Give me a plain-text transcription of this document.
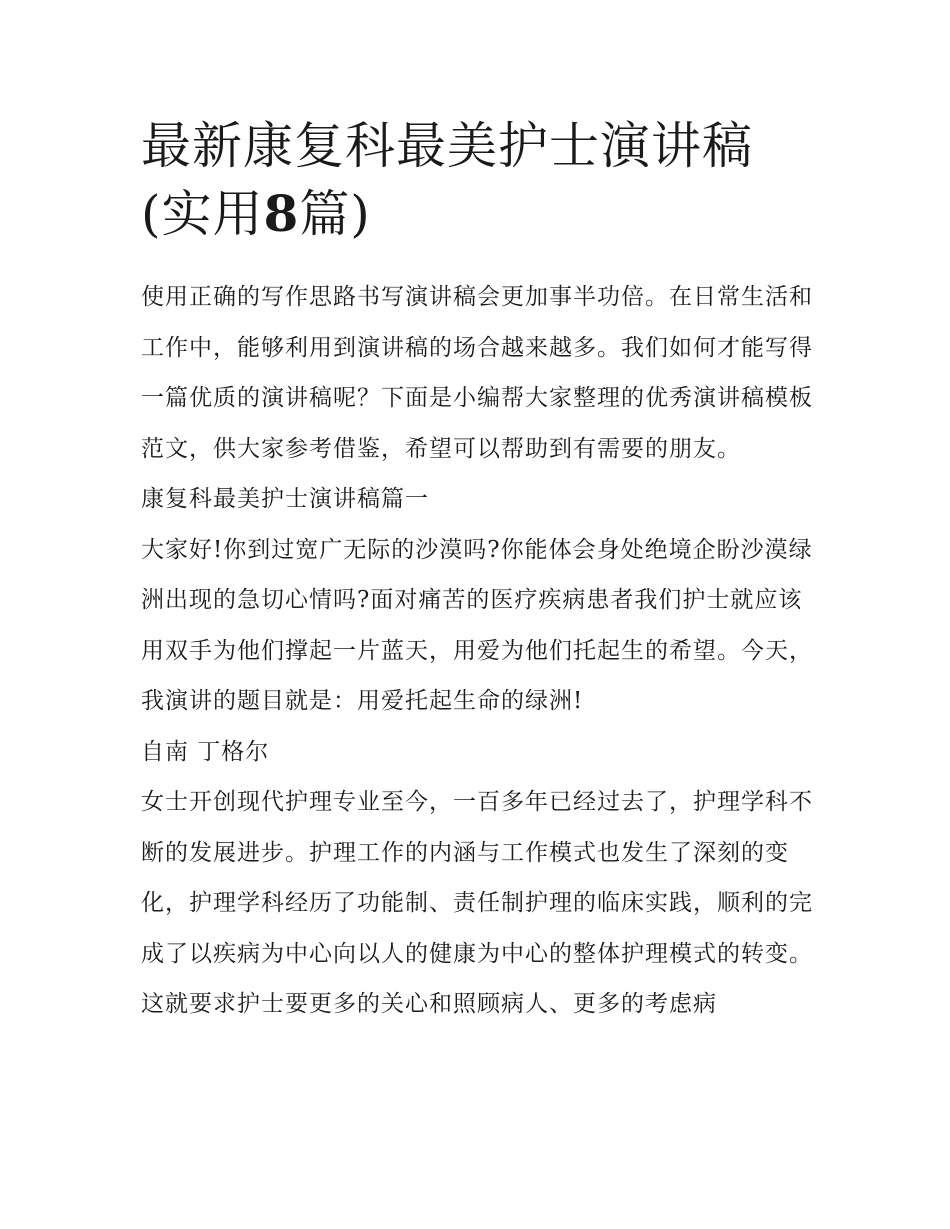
最新康复科最美护士演讲稿(实用8篇)

使用正确的写作思路书写演讲稿会更加事半功倍。在日常生活和工作中，能够利用到演讲稿的场合越来越多。我们如何才能写得一篇优质的演讲稿呢？下面是小编帮大家整理的优秀演讲稿模板范文，供大家参考借鉴，希望可以帮助到有需要的朋友。

康复科最美护士演讲稿篇一

大家好!你到过宽广无际的沙漠吗?你能体会身处绝境企盼沙漠绿洲出现的急切心情吗?面对痛苦的医疗疾病患者我们护士就应该用双手为他们撑起一片蓝天，用爱为他们托起生的希望。今天，我演讲的题目就是：用爱托起生命的绿洲!

自南 丁格尔

女士开创现代护理专业至今，一百多年已经过去了，护理学科不断的发展进步。护理工作的内涵与工作模式也发生了深刻的变化，护理学科经历了功能制、责任制护理的临床实践，顺利的完成了以疾病为中心向以人的健康为中心的整体护理模式的转变。这就要求护士要更多的关心和照顾病人、更多的考虑病
